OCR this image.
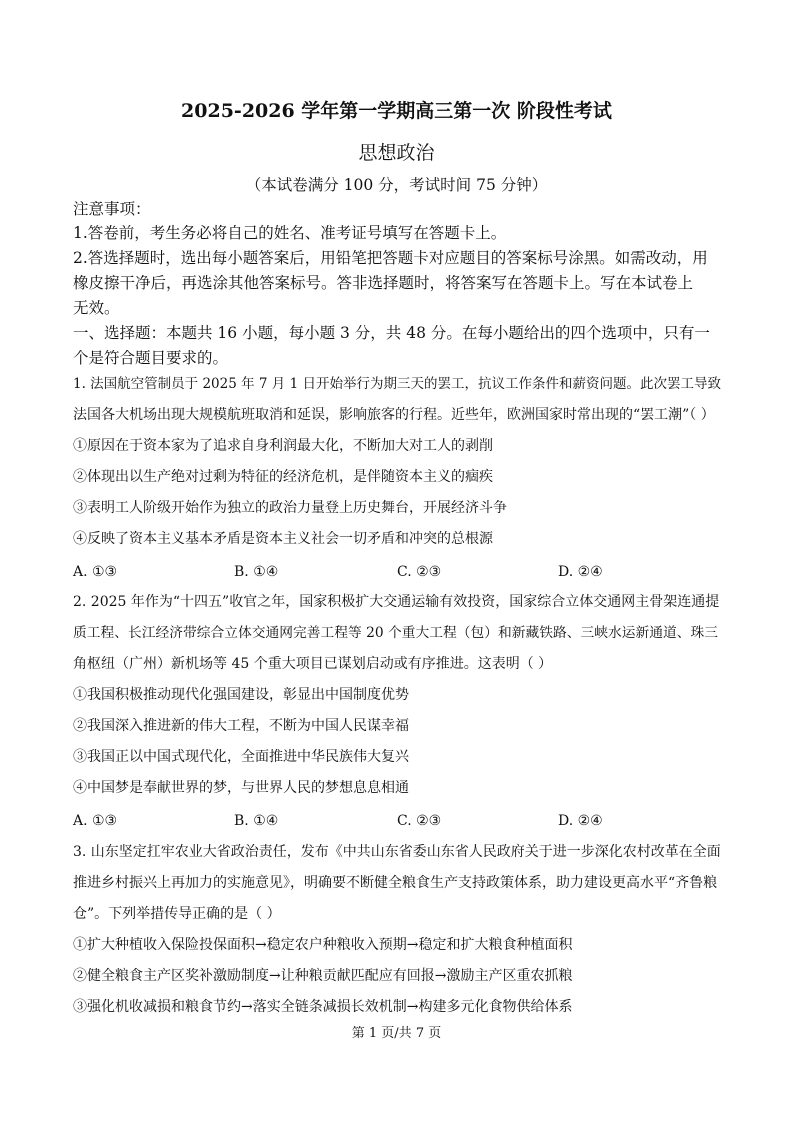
2025-2026 学年第一学期高三第一次 阶段性考试
思想政治
（本试卷满分 100 分，考试时间 75 分钟）
注意事项：
1.答卷前，考生务必将自己的姓名、准考证号填写在答题卡上。
2.答选择题时，选出每小题答案后，用铅笔把答题卡对应题目的答案标号涂黑。如需改动，用
橡皮擦干净后，再选涂其他答案标号。答非选择题时，将答案写在答题卡上。写在本试卷上
无效。
一、选择题：本题共 16 小题，每小题 3 分，共 48 分。在每小题给出的四个选项中，只有一
个是符合题目要求的。
1. 法国航空管制员于 2025 年 7 月 1 日开始举行为期三天的罢工，抗议工作条件和薪资问题。此次罢工导致
法国各大机场出现大规模航班取消和延误，影响旅客的行程。近些年，欧洲国家时常出现的“罢工潮”（ ）
①原因在于资本家为了追求自身利润最大化，不断加大对工人的剥削
②体现出以生产绝对过剩为特征的经济危机，是伴随资本主义的痼疾
③表明工人阶级开始作为独立的政治力量登上历史舞台，开展经济斗争
④反映了资本主义基本矛盾是资本主义社会一切矛盾和冲突的总根源
A. ①③	B. ①④	C. ②③	D. ②④
2. 2025 年作为“十四五”收官之年，国家积极扩大交通运输有效投资，国家综合立体交通网主骨架连通提
质工程、长江经济带综合立体交通网完善工程等 20 个重大工程（包）和新藏铁路、三峡水运新通道、珠三
角枢纽（广州）新机场等 45 个重大项目已谋划启动或有序推进。这表明（ ）
①我国积极推动现代化强国建设，彰显出中国制度优势
②我国深入推进新的伟大工程，不断为中国人民谋幸福
③我国正以中国式现代化，全面推进中华民族伟大复兴
④中国梦是奉献世界的梦，与世界人民的梦想息息相通
A. ①③	B. ①④	C. ②③	D. ②④
3. 山东坚定扛牢农业大省政治责任，发布《中共山东省委山东省人民政府关于进一步深化农村改革在全面
推进乡村振兴上再加力的实施意见》，明确要不断健全粮食生产支持政策体系，助力建设更高水平“齐鲁粮
仓”。下列举措传导正确的是（ ）
①扩大种植收入保险投保面积→稳定农户种粮收入预期→稳定和扩大粮食种植面积
②健全粮食主产区奖补激励制度→让种粮贡献匹配应有回报→激励主产区重农抓粮
③强化机收减损和粮食节约→落实全链条减损长效机制→构建多元化食物供给体系
第 1 页/共 7 页
